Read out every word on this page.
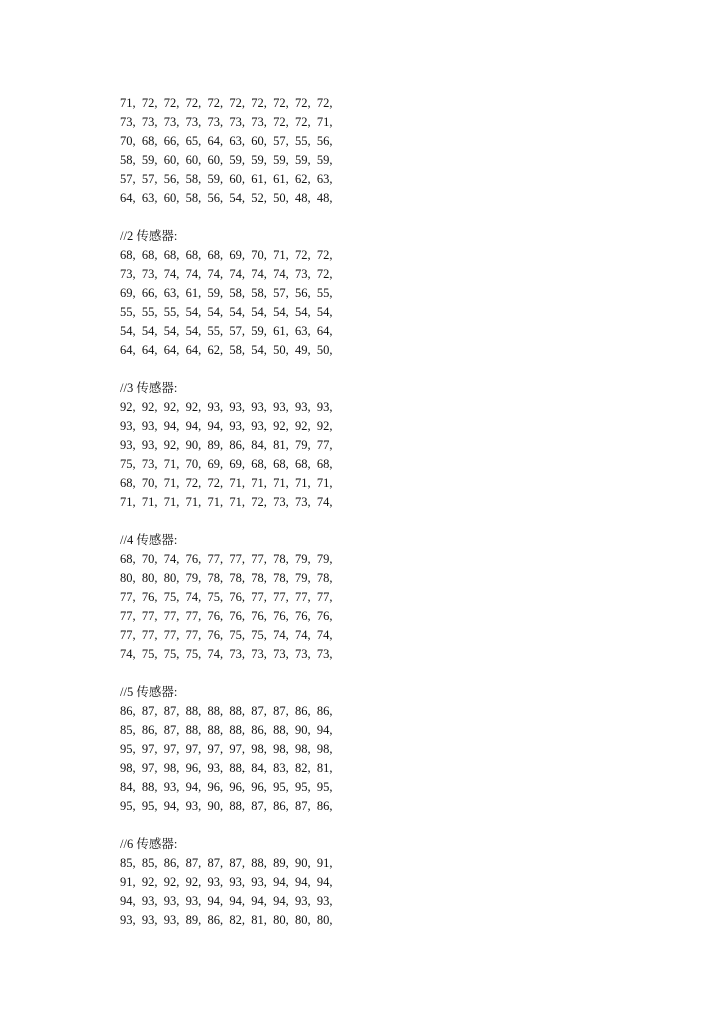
71,  72,  72,  72,  72,  72,  72,  72,  72,  72,
73,  73,  73,  73,  73,  73,  73,  72,  72,  71,
70,  68,  66,  65,  64,  63,  60,  57,  55,  56,
58,  59,  60,  60,  60,  59,  59,  59,  59,  59,
57,  57,  56,  58,  59,  60,  61,  61,  62,  63,
64,  63,  60,  58,  56,  54,  52,  50,  48,  48,
//2 传感器:
68,  68,  68,  68,  68,  69,  70,  71,  72,  72,
73,  73,  74,  74,  74,  74,  74,  74,  73,  72,
69,  66,  63,  61,  59,  58,  58,  57,  56,  55,
55,  55,  55,  54,  54,  54,  54,  54,  54,  54,
54,  54,  54,  54,  55,  57,  59,  61,  63,  64,
64,  64,  64,  64,  62,  58,  54,  50,  49,  50,
//3 传感器:
92,  92,  92,  92,  93,  93,  93,  93,  93,  93,
93,  93,  94,  94,  94,  93,  93,  92,  92,  92,
93,  93,  92,  90,  89,  86,  84,  81,  79,  77,
75,  73,  71,  70,  69,  69,  68,  68,  68,  68,
68,  70,  71,  72,  72,  71,  71,  71,  71,  71,
71,  71,  71,  71,  71,  71,  72,  73,  73,  74,
//4 传感器:
68,  70,  74,  76,  77,  77,  77,  78,  79,  79,
80,  80,  80,  79,  78,  78,  78,  78,  79,  78,
77,  76,  75,  74,  75,  76,  77,  77,  77,  77,
77,  77,  77,  77,  76,  76,  76,  76,  76,  76,
77,  77,  77,  77,  76,  75,  75,  74,  74,  74,
74,  75,  75,  75,  74,  73,  73,  73,  73,  73,
//5 传感器:
86,  87,  87,  88,  88,  88,  87,  87,  86,  86,
85,  86,  87,  88,  88,  88,  86,  88,  90,  94,
95,  97,  97,  97,  97,  97,  98,  98,  98,  98,
98,  97,  98,  96,  93,  88,  84,  83,  82,  81,
84,  88,  93,  94,  96,  96,  96,  95,  95,  95,
95,  95,  94,  93,  90,  88,  87,  86,  87,  86,
//6 传感器:
85,  85,  86,  87,  87,  87,  88,  89,  90,  91,
91,  92,  92,  92,  93,  93,  93,  94,  94,  94,
94,  93,  93,  93,  94,  94,  94,  94,  93,  93,
93,  93,  93,  89,  86,  82,  81,  80,  80,  80,
